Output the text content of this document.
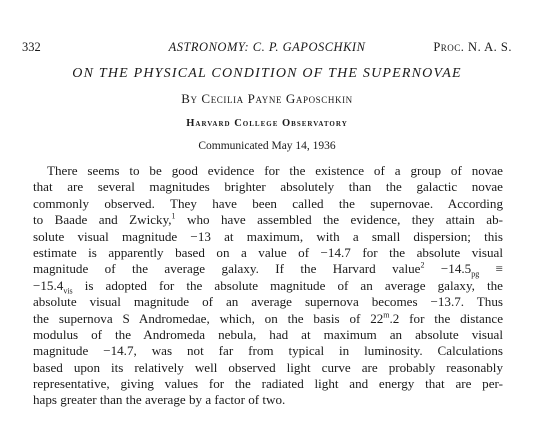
332	ASTRONOMY: C. P. GAPOSCHKIN	Proc. N. A. S.
ON THE PHYSICAL CONDITION OF THE SUPERNOVAE
By Cecilia Payne Gaposchkin
Harvard College Observatory
Communicated May 14, 1936
There seems to be good evidence for the existence of a group of novae
that are several magnitudes brighter absolutely than the galactic novae
commonly observed. They have been called the supernovae. According
to Baade and Zwicky,$^1$ who have assembled the evidence, they attain ab-
solute visual magnitude −13 at maximum, with a small dispersion; this
estimate is apparently based on a value of −14.7 for the absolute visual
magnitude of the average galaxy. If the Harvard value$^2$ $-14.5_{pg}$ ≡
$-15.4_{vis}$ is adopted for the absolute magnitude of an average galaxy, the
absolute visual magnitude of an average supernova becomes −13.7. Thus
the supernova S Andromedae, which, on the basis of 22$^m$.2 for the distance
modulus of the Andromeda nebula, had at maximum an absolute visual
magnitude −14.7, was not far from typical in luminosity. Calculations
based upon its relatively well observed light curve are probably reasonably
representative, giving values for the radiated light and energy that are per-
haps greater than the average by a factor of two.
